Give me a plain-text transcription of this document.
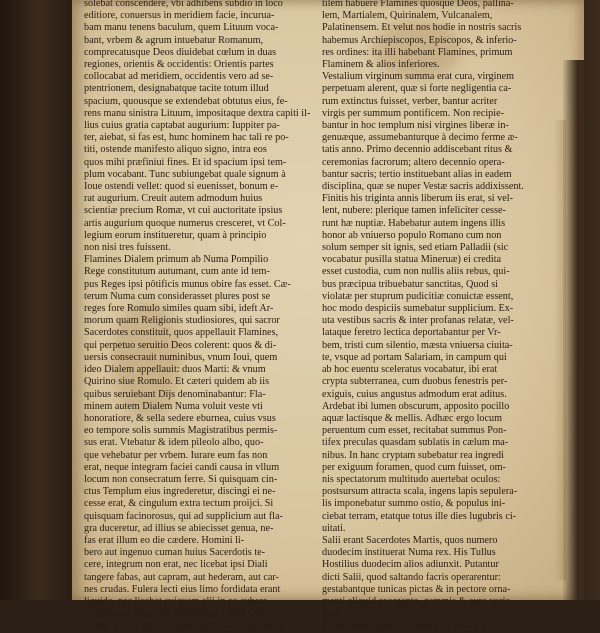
solebat conscendere, vbi adhibens subdio in loco
editiore, conuersus in meridiem facie, incurua-
bam manu tenens baculum, quem Lituum voca-
bant, vrbem & agrum intuebatur Romanum,
comprecatusque Deos diuidebat cœlum in duas
regiones, orientis & occidentis: Orientis partes
collocabat ad meridiem, occidentis vero ad se-
ptentrionem, designabatque tacite totum illud
spacium, quousque se extendebat obtutus eius, fe-
rens manu sinistra Lituum, impositaque dextra capiti il-
lius cuius gratia captabat augurium: Iuppiter pa-
ter, aiebat, si fas est, hunc hominem hac tali re po-
titi, ostende manifesto aliquo signo, intra eos
quos mihi præfiniui fines. Et id spacium ipsi tem-
plum vocabant. Tunc subiungebat quale signum à
Ioue ostendi vellet: quod si euenisset, bonum e-
rat augurium. Creuit autem admodum huius
scientiæ precium Romæ, vt cui auctoritate ipsius
artis augurium quoque numerus cresceret, vt Col-
legium eorum institueretur, quam à principio
non nisi tres fuissent.
Flamines Dialem primum ab Numa Pompilio
Rege constitutum autumant, cum ante id tem-
pus Reges ipsi pôtificis munus obire fas esset. Cæ-
terum Numa cum considerasset plures post se
reges fore Romulo similes quam sibi, ideft Ar-
morum quam Religionis studiosiores, qui sacror
Sacerdotes constituit, quos appellauit Flamines,
qui perpetuo seruitio Deos colerent: quos & di-
uersis consecrauit numinibus, vnum Ioui, quem
ideo Dialem appellauit: duos Marti: & vnum
Quirino siue Romulo. Et cæteri quidem ab iis
quibus seruiebant Dijs denominabantur: Fla-
minem autem Dialem Numa voluit veste vti
honoratiore, & sella sedere eburnea, cuius vsus
eo tempore solis summis Magistratibus permis-
sus erat. Vtebatur & idem pileolo albo, quo-
que vehebatur per vrbem. Iurare eum fas non
erat, neque integram faciei candi causa in vllum
locum non consecratum ferre. Si quisquam cin-
ctus Templum eius ingrederetur, discingi ei ne-
cesse erat, & cingulum extra tectum proijci. Si
quisquam facinorosus, qui ad supplicium aut fla-
gra duceretur, ad illius se abiecisset genua, ne-
fas erat illum eo die cædere. Homini li-
bero aut ingenuo cuman huius Sacerdotis te-
cere, integrum non erat, nec licebat ipsi Diali
tangere fabas, aut capram, aut hederam, aut car-
nes crudas. Fulera lecti eius limo fordidata erant
liquido, nec licebat cuiquam alii in eo cubare.
Vngularum segmenta abrasosque crines Dia-
lis sub arbore terram condi oportebat, impositi fi-
tilem habuere Flamines quosque Deos, pallina-
lem, Martialem, Quirinalem, Vulcanalem,
Palatinensem. Et velut nos hodie in nostris sacris
habemus Archiepiscopos, Episcopos, & inferio-
res ordines: ita illi habebant Flamines, primum
Flaminem & alios inferiores.
Vestalium virginum summa erat cura, virginem
perpetuam alerent, quæ si forte negligentia ca-
rum extinctus fuisset, verber, bantur acriter
virgis per summum pontificem. Non recipie-
bantur in hoc templum nisi virgines liberæ in-
genuæque, assumebanturque à decimo ferme æ-
tatis anno. Primo decennio addiscebant ritus &
ceremonias facrorum; altero decennio opera-
bantur sacris; tertio instituebant alias in eadem
disciplina, quæ se nuper Vestæ sacris addixissent.
Finitis his triginta annis liberum iis erat, si vel-
lent, nubere: plerique tamen infeliciter cesse-
runt hæ nuptiæ. Habebatur autem ingens illis
honor ab vniuerso populo Romano cum non
solum semper sit ignis, sed etiam Palladii (sic
vocabatur pusilla statua Mineruæ) ei credita
esset custodia, cum non nullis aliis rebus, qui-
bus præcipua tribuebatur sanctitas, Quod si
violatæ per stuprum pudicitiæ conuictæ essent,
hoc modo despiciis sumebatur supplicium. Ex-
uta vestibus sacris & inter profanas relatæ, vel-
lataque feretro lectica deportabantur per Vr-
bem, tristi cum silentio, mæsta vniuersa ciuita-
te, vsque ad portam Salariam, in campum qui
ab hoc euentu sceleratus vocabatur, ibi erat
crypta subterranea, cum duobus fenestris per-
exiguis, cuius angustus admodum erat aditus.
Ardebat ibi lumen obscurum, apposito pocillo
aquæ lactisque & mellis. Adhæc ergo locum
peruentum cum esset, recitabat summus Pon-
tifex preculas quasdam sublatis in cælum ma-
nibus. In hanc cryptam subebatur rea ingredi
per exiguum foramen, quod cum fuisset, om-
nis spectatorum multitudo auertebat oculos:
postsursum attracta scala, ingens lapis sepulera-
lis imponebatur summo ostio, & populus ini-
ciebat terram, etatque totus ille dies lugubris ci-
uitati.
Salii erant Sacerdotes Martis, quos numero
duodecim instituerat Numa rex. His Tullus
Hostilius duodecim alios adiunxit. Putantur
dicti Salii, quod saltando facris operarentur:
gestabantque tunicas pictas & in pectore orna-
menti aliquid exargento, gemmis & auro varie-
gato.
Primis annis nonnisi quatuor ex ordine Pon-
